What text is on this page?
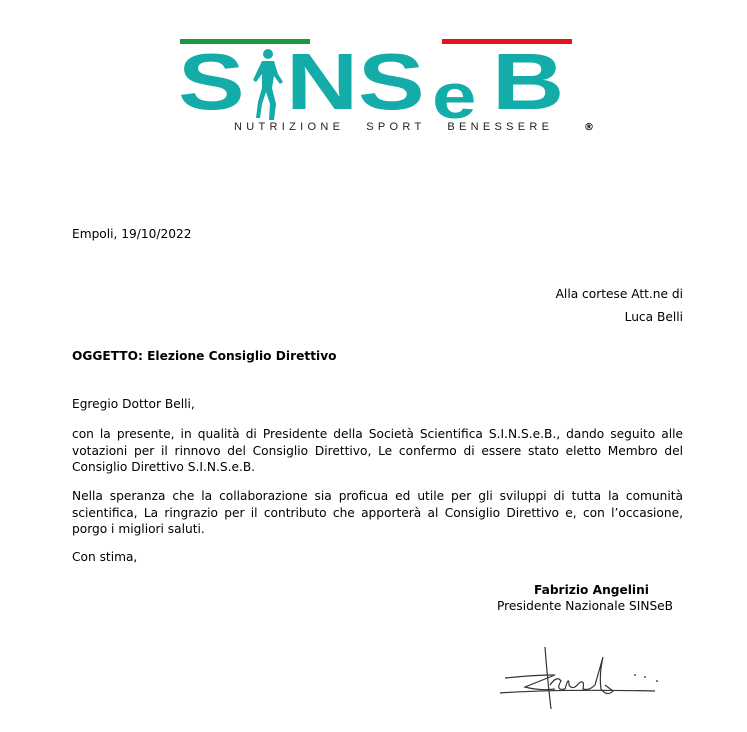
S N S e B
NUTRIZIONE   SPORT   BENESSERE	®
Empoli, 19/10/2022
Alla cortese Att.ne di
Luca Belli
OGGETTO: Elezione Consiglio Direttivo
Egregio Dottor Belli,
con la presente, in qualità di Presidente della Società Scientifica S.I.N.S.e.B., dando seguito alle votazioni per il rinnovo del Consiglio Direttivo, Le confermo di essere stato eletto Membro del Consiglio Direttivo S.I.N.S.e.B.
Nella speranza che la collaborazione sia proficua ed utile per gli sviluppi di tutta la comunità scientifica, La ringrazio per il contributo che apporterà al Consiglio Direttivo e, con l’occasione, porgo i migliori saluti.
Con stima,
Fabrizio Angelini
Presidente Nazionale SINSeB
